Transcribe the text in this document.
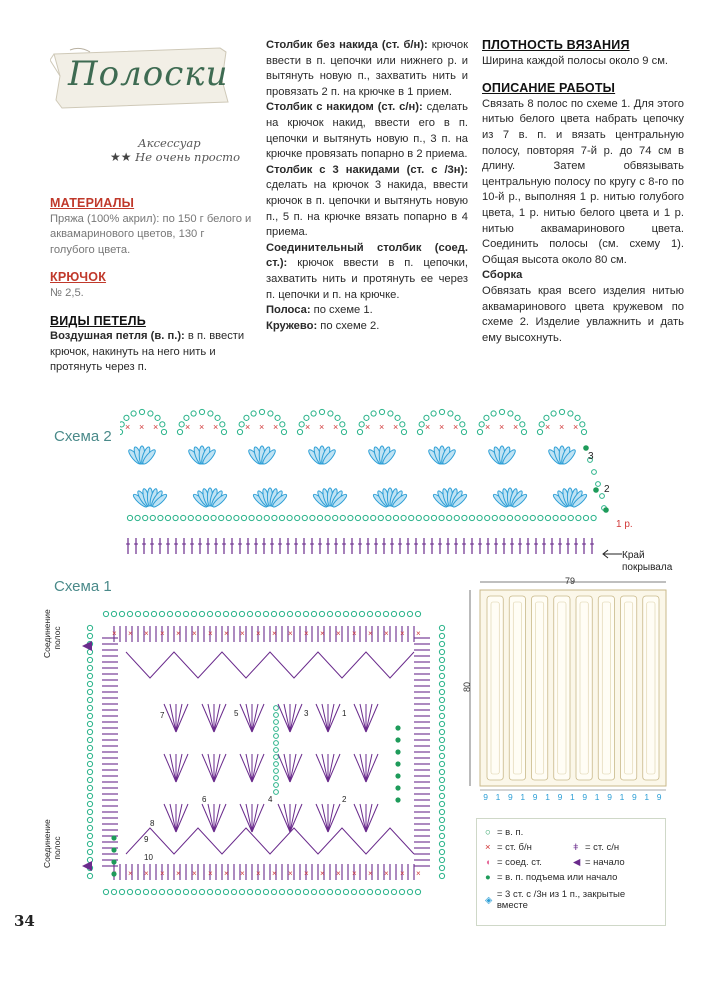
Полоски
Аксессуар
★★ Не очень просто
МАТЕРИАЛЫ

Пряжа (100% акрил): по 150 г белого и аквамаринового цветов, 130 г голубого цвета.

КРЮЧОК

№ 2,5.

ВИДЫ ПЕТЕЛЬ

Воздушная петля (в. п.): в п. ввести крючок, накинуть на него нить и протянуть через п.

Столбик без накида (ст. б/н): крючок ввести в п. цепочки или нижнего р. и вытянуть новую п., захватить нить и провязать 2 п. на крючке в 1 прием.

Столбик с накидом (ст. с/н): сделать на крючок накид, ввести его в п. цепочки и вытянуть новую п., 3 п. на крючке провязать попарно в 2 приема.

Столбик с 3 накидами (ст. с /3н): сделать на крючок 3 накида, ввести крючок в п. цепочки и вытянуть новую п., 5 п. на крючке вязать попарно в 4 приема.

Соединительный столбик (соед. ст.): крючок ввести в п. цепочки, захватить нить и протянуть ее через п. цепочки и п. на крючке.

Полоса: по схеме 1.

Кружево: по схеме 2.

ПЛОТНОСТЬ ВЯЗАНИЯ

Ширина каждой полосы около 9 см.

ОПИСАНИЕ РАБОТЫ

Связать 8 полос по схеме 1. Для этого нитью белого цвета набрать цепочку из 7 в. п. и вязать центральную полосу, повторяя 7-й р. до 74 см в длину. Затем обвязывать центральную полосу по кругу с 8-го по 10-й р., выполняя 1 р. нитью голубого цвета, 1 р. нитью белого цвета и 1 р. нитью аквамаринового цвета. Соединить полосы (см. схему 1). Общая высота около 80 см.

Сборка

Обвязать края всего изделия нитью аквамаринового цвета кружевом по схеме 2. Изделие увлажнить и дать ему высохнуть.

Схема 2
× × ×	× × ×	× × ×	× × ×	× × ×	× × ×	× × ×	× × ×
3
2
1 р.
Край покрывала
Схема 1
Соединение полос
Соединение полос
×
×
×
×
×
×
×
×
×
×
×
×
×
×
×
×
×
×
×
×
×
×
×
×
×
×
×
×
×
×
×
×
×
×
×
×
×
×
×
7	5	3	1
6	4	2
8
9
10
9 1 9 1 9 1 9 1 9 1 9 1 9 1 9
79
80
○ = в. п.
× = ст. б/н
◖ = соед. ст.
ǂ = ст. с/н
◀ = начало
● = в. п. подъема или начало
◈ = 3 ст. с /3н из 1 п., закрытые вместе
34
